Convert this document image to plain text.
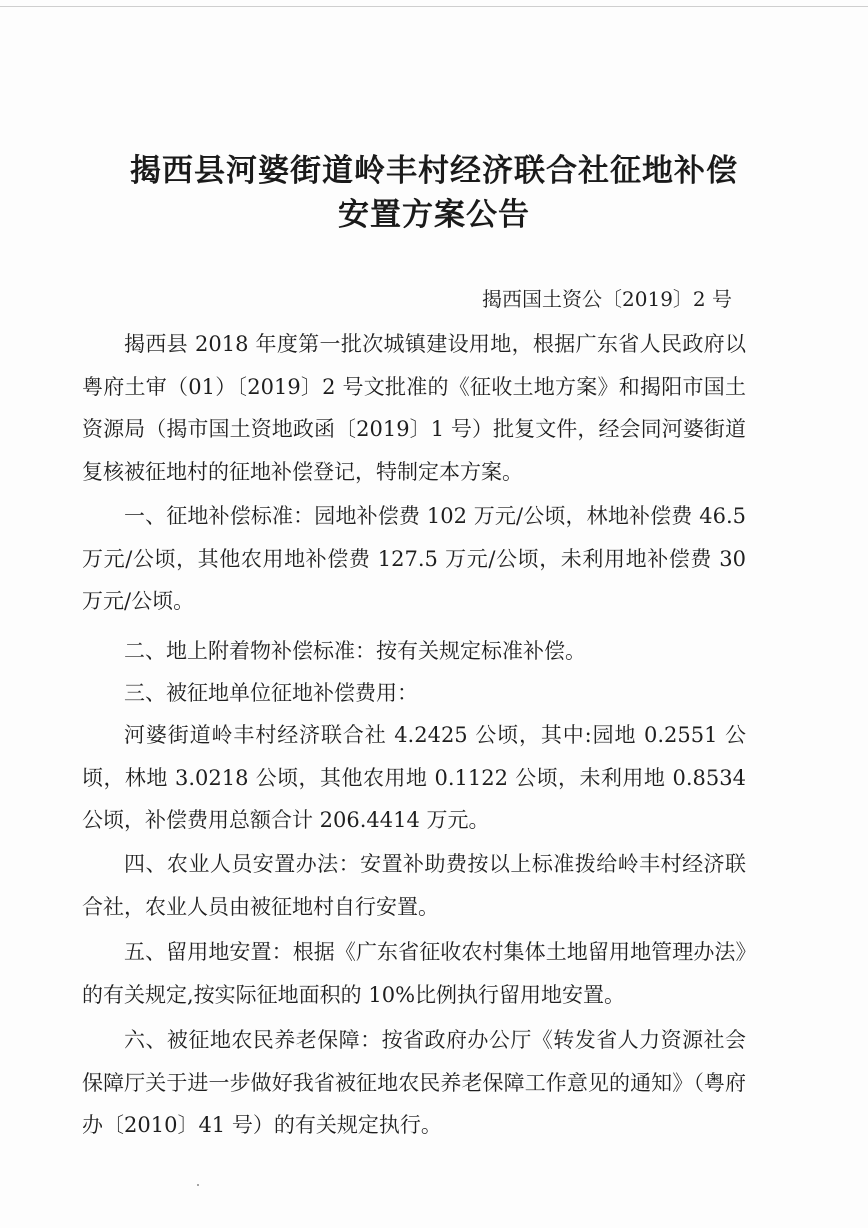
揭西县河婆街道岭丰村经济联合社征地补偿
安置方案公告
揭西国土资公〔2019〕2 号

揭西县 2018 年度第一批次城镇建设用地，根据广东省人民政府以粤府土审（01）〔2019〕2 号文批准的《征收土地方案》和揭阳市国土资源局（揭市国土资地政函〔2019〕1 号）批复文件，经会同河婆街道复核被征地村的征地补偿登记，特制定本方案。

一、征地补偿标准：园地补偿费 102 万元/公顷，林地补偿费 46.5 万元/公顷，其他农用地补偿费 127.5 万元/公顷，未利用地补偿费 30 万元/公顷。

二、地上附着物补偿标准：按有关规定标准补偿。

三、被征地单位征地补偿费用：

河婆街道岭丰村经济联合社 4.2425 公顷，其中:园地 0.2551 公顷，林地 3.0218 公顷，其他农用地 0.1122 公顷，未利用地 0.8534 公顷，补偿费用总额合计 206.4414 万元。

四、农业人员安置办法：安置补助费按以上标准拨给岭丰村经济联合社，农业人员由被征地村自行安置。

五、留用地安置：根据《广东省征收农村集体土地留用地管理办法》的有关规定,按实际征地面积的 10%比例执行留用地安置。

六、被征地农民养老保障：按省政府办公厅《转发省人力资源社会保障厅关于进一步做好我省被征地农民养老保障工作意见的通知》（粤府办〔2010〕41 号）的有关规定执行。
